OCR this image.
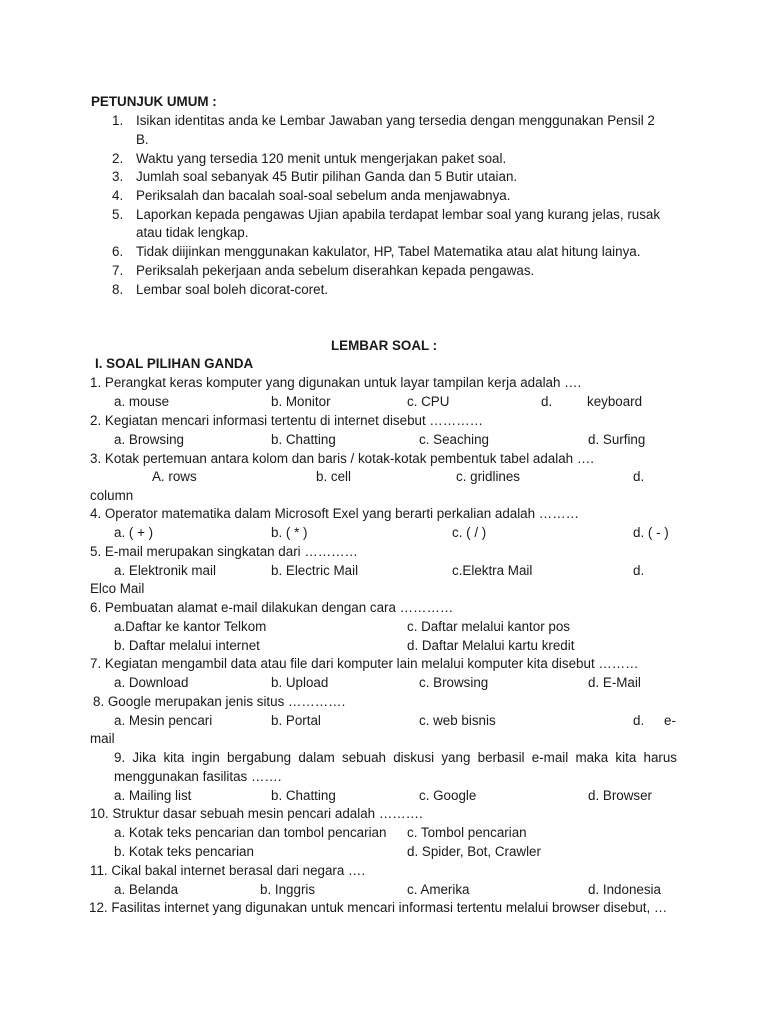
PETUNJUK UMUM :
1. Isikan identitas anda ke Lembar Jawaban yang tersedia dengan menggunakan Pensil 2
B.
2. Waktu yang tersedia 120 menit untuk mengerjakan paket soal.
3. Jumlah soal sebanyak 45 Butir pilihan Ganda dan 5 Butir utaian.
4. Periksalah dan bacalah soal-soal sebelum anda menjawabnya.
5. Laporkan kepada pengawas Ujian apabila terdapat lembar soal yang kurang jelas, rusak
atau tidak lengkap.
6. Tidak diijinkan menggunakan kakulator, HP, Tabel Matematika atau alat hitung lainya.
7. Periksalah pekerjaan anda sebelum diserahkan kepada pengawas.
8. Lembar soal boleh dicorat-coret.
LEMBAR SOAL :
I. SOAL PILIHAN GANDA
1. Perangkat keras komputer yang digunakan untuk layar tampilan kerja adalah ….
a. mouse	b. Monitor	c. CPU	d.	keyboard
2. Kegiatan mencari informasi tertentu di internet disebut …………
a. Browsing	b. Chatting	c. Seaching	d. Surfing
3. Kotak pertemuan antara kolom dan baris / kotak-kotak pembentuk tabel adalah ….
A. rows	b. cell	c. gridlines	d.
column
4. Operator matematika dalam Microsoft Exel yang berarti perkalian adalah ………
a. ( + )	b. ( * )	c. ( / )	d. ( - )
5. E-mail merupakan singkatan dari …………
a. Elektronik mail	b. Electric Mail	c.Elektra Mail	d.
Elco Mail
6. Pembuatan alamat e-mail dilakukan dengan cara …………
a.Daftar ke kantor Telkom	c. Daftar melalui kantor pos
b. Daftar melalui internet	d. Daftar Melalui kartu kredit
7. Kegiatan mengambil data atau file dari komputer lain melalui komputer kita disebut ………
a. Download	b. Upload	c. Browsing	d. E-Mail
8. Google merupakan jenis situs ………….
a. Mesin pencari	b. Portal	c. web bisnis	d. e-
mail
9. Jika kita ingin bergabung dalam sebuah diskusi yang berbasil e-mail maka kita harus
menggunakan fasilitas …….
a. Mailing list	b. Chatting	c. Google	d. Browser
10. Struktur dasar sebuah mesin pencari adalah ……….
a. Kotak teks pencarian dan tombol pencarian c. Tombol pencarian
b. Kotak teks pencarian	d. Spider, Bot, Crawler
11. Cikal bakal internet berasal dari negara ….
a. Belanda	b. Inggris	c. Amerika	d. Indonesia
12. Fasilitas internet yang digunakan untuk mencari informasi tertentu melalui browser disebut, …
